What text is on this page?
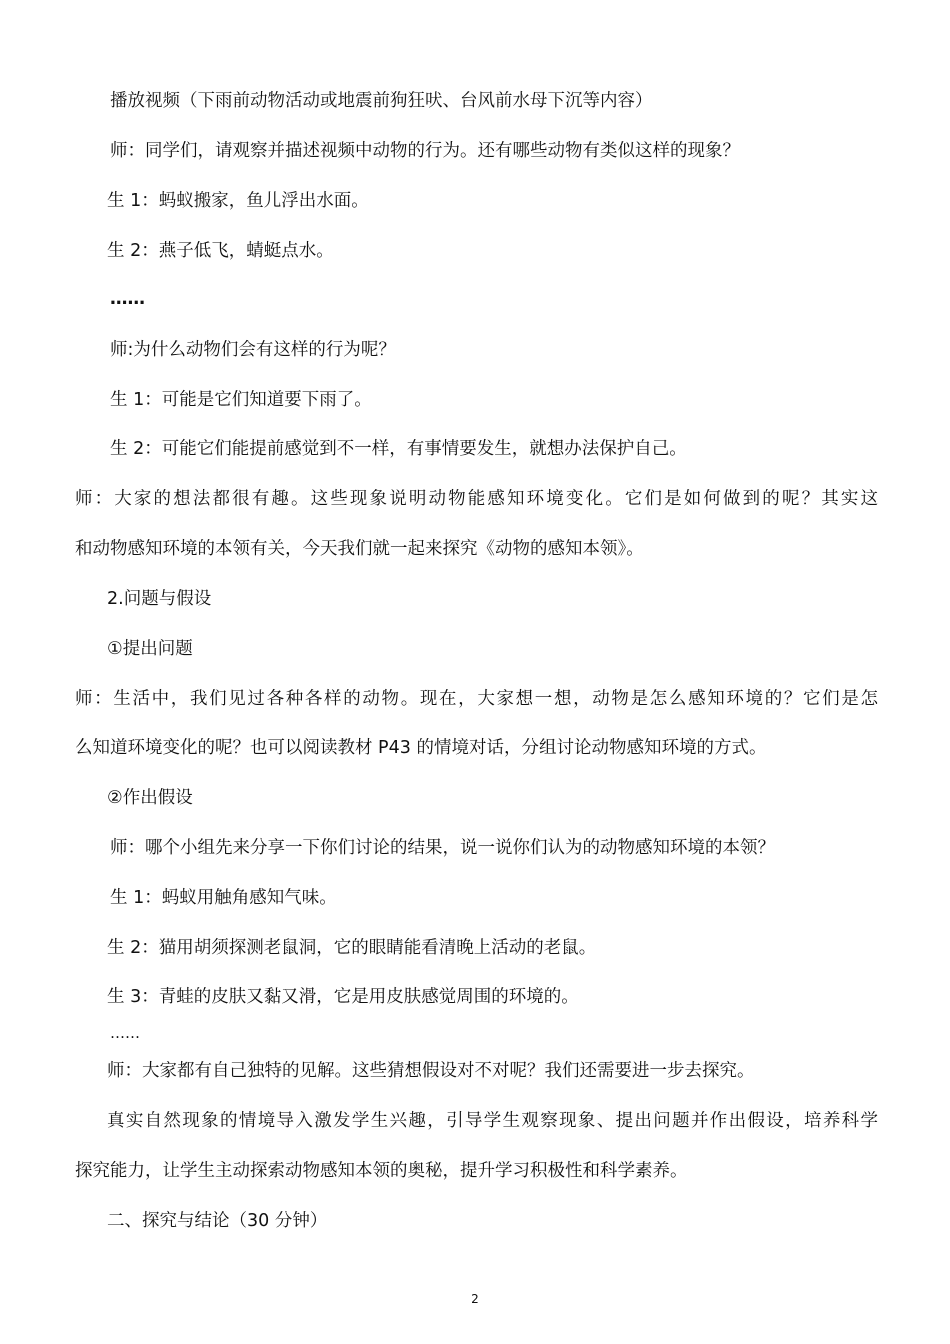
播放视频（下雨前动物活动或地震前狗狂吠、台风前水母下沉等内容）
师：同学们，请观察并描述视频中动物的行为。还有哪些动物有类似这样的现象？
生 1：蚂蚁搬家，鱼儿浮出水面。
生 2：燕子低飞，蜻蜓点水。
……
师:为什么动物们会有这样的行为呢？
生 1：可能是它们知道要下雨了。
生 2：可能它们能提前感觉到不一样，有事情要发生，就想办法保护自己。
师：大家的想法都很有趣。这些现象说明动物能感知环境变化。它们是如何做到的呢？其实这
和动物感知环境的本领有关，今天我们就一起来探究《动物的感知本领》。
2.问题与假设
①提出问题
师：生活中，我们见过各种各样的动物。现在，大家想一想，动物是怎么感知环境的？它们是怎
么知道环境变化的呢？也可以阅读教材 P43 的情境对话，分组讨论动物感知环境的方式。
②作出假设
师：哪个小组先来分享一下你们讨论的结果，说一说你们认为的动物感知环境的本领？
生 1：蚂蚁用触角感知气味。
生 2：猫用胡须探测老鼠洞，它的眼睛能看清晚上活动的老鼠。
生 3：青蛙的皮肤又黏又滑，它是用皮肤感觉周围的环境的。
……
师：大家都有自己独特的见解。这些猜想假设对不对呢？我们还需要进一步去探究。
真实自然现象的情境导入激发学生兴趣，引导学生观察现象、提出问题并作出假设，培养科学
探究能力，让学生主动探索动物感知本领的奥秘，提升学习积极性和科学素养。
二、探究与结论（30 分钟）
2
